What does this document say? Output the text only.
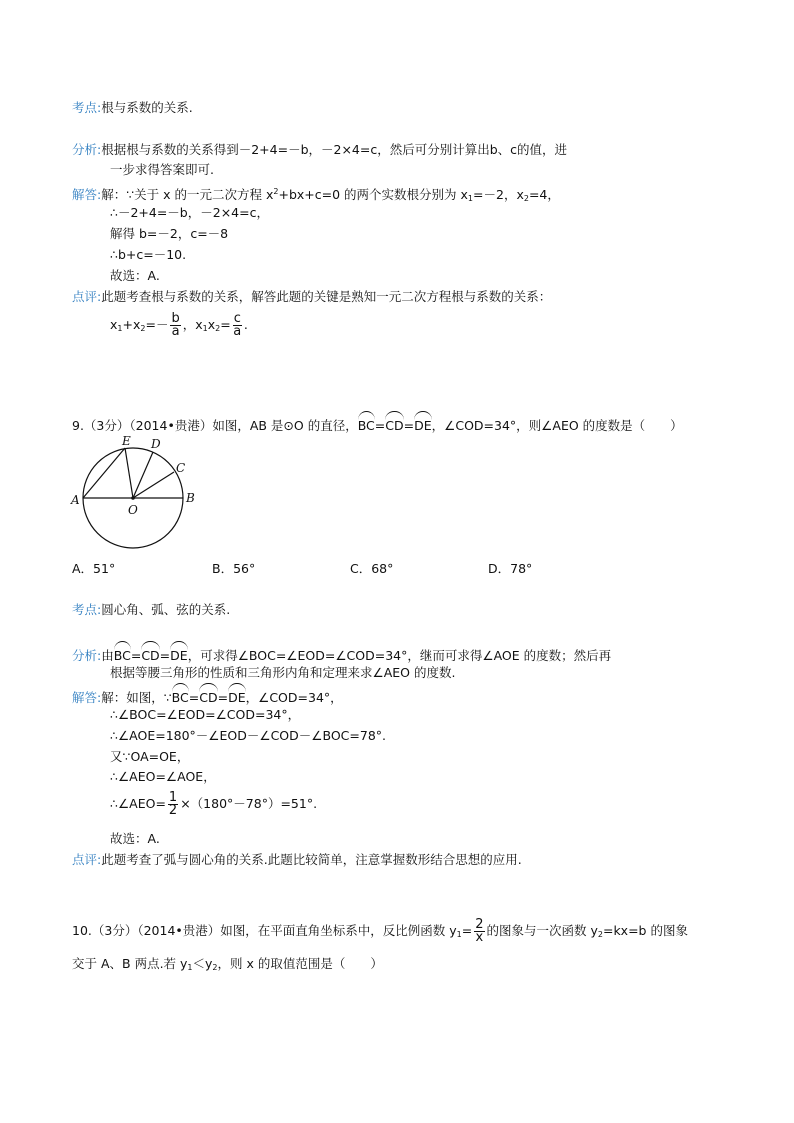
考点:根与系数的关系.
分析:根据根与系数的关系得到－2+4=－b，－2×4=c，然后可分别计算出b、c的值，进
一步求得答案即可.
解答:解：∵关于 x 的一元二次方程 $x^2+bx+c=0$ 的两个实数根分别为 $x_1=-2$，$x_2=4$，
∴－2+4=－b，－2×4=c，
解得 b=－2，c=－8
∴b+c=－10.
故选：A.
点评:此题考查根与系数的关系，解答此题的关键是熟知一元二次方程根与系数的关系：
$x_1+x_2=- \frac{b}{a}$ ，$x_1x_2= \frac{c}{a}$ .
9.（3分）（2014•贵港）如图，AB 是⊙O 的直径，BC=CD=DE，∠COD=34°，则∠AEO 的度数是（　　）
A	B
C
D
E
O
A．51°	B．56°	C．68°	D．78°
考点:圆心角、弧、弦的关系.
分析:由BC=CD=DE，可求得∠BOC=∠EOD=∠COD=34°，继而可求得∠AOE 的度数；然后再
根据等腰三角形的性质和三角形内角和定理来求∠AEO 的度数.
解答:解：如图，∵BC=CD=DE，∠COD=34°，
∴∠BOC=∠EOD=∠COD=34°，
∴∠AOE=180°－∠EOD－∠COD－∠BOC=78°.
又∵OA=OE，
∴∠AEO=∠AOE，
∴∠AEO= $\frac{1}{2} \times(180^\circ-78^\circ)=51^\circ$.
故选：A.
点评:此题考查了弧与圆心角的关系.此题比较简单，注意掌握数形结合思想的应用.
10.（3分）（2014•贵港）如图，在平面直角坐标系中，反比例函数 $y_1= \frac{2}{x}$ 的图象与一次函数 $y_2=kx=b$ 的图象
交于 A、B 两点.若 $y_1<y_2$，则 x 的取值范围是（　　）
